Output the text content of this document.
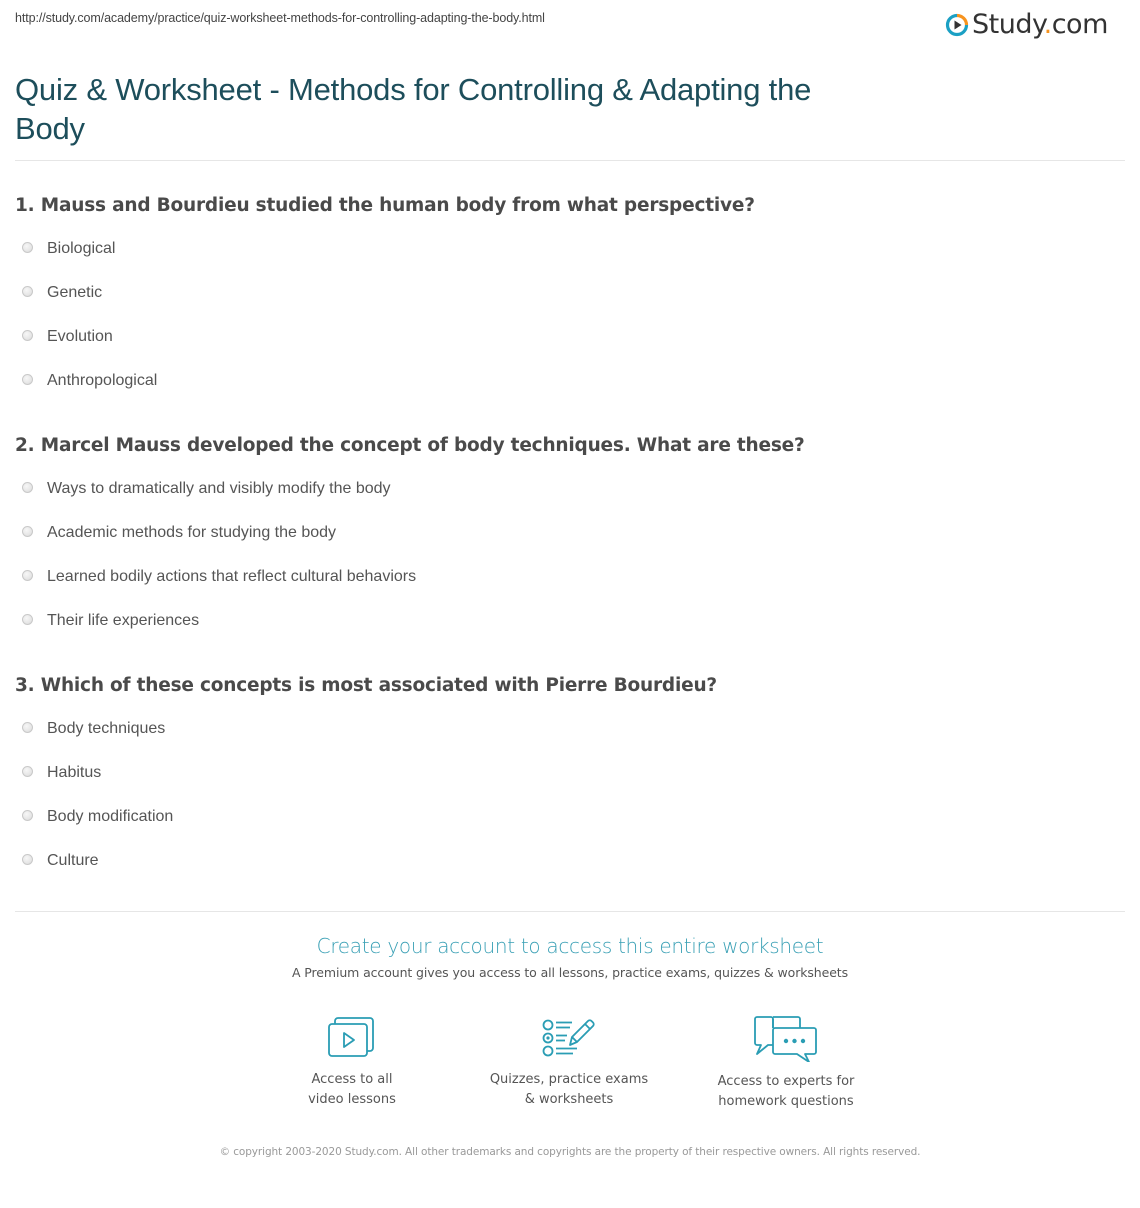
http://study.com/academy/practice/quiz-worksheet-methods-for-controlling-adapting-the-body.html	Study.com
Quiz & Worksheet - Methods for Controlling & Adapting the Body
1. Mauss and Bourdieu studied the human body from what perspective?
Biological
Genetic
Evolution
Anthropological
2. Marcel Mauss developed the concept of body techniques. What are these?
Ways to dramatically and visibly modify the body
Academic methods for studying the body
Learned bodily actions that reflect cultural behaviors
Their life experiences
3. Which of these concepts is most associated with Pierre Bourdieu?
Body techniques
Habitus
Body modification
Culture
Create your account to access this entire worksheet
A Premium account gives you access to all lessons, practice exams, quizzes & worksheets
Access to all
video lessons
Quizzes, practice exams
& worksheets
Access to experts for
homework questions
© copyright 2003-2020 Study.com. All other trademarks and copyrights are the property of their respective owners. All rights reserved.
